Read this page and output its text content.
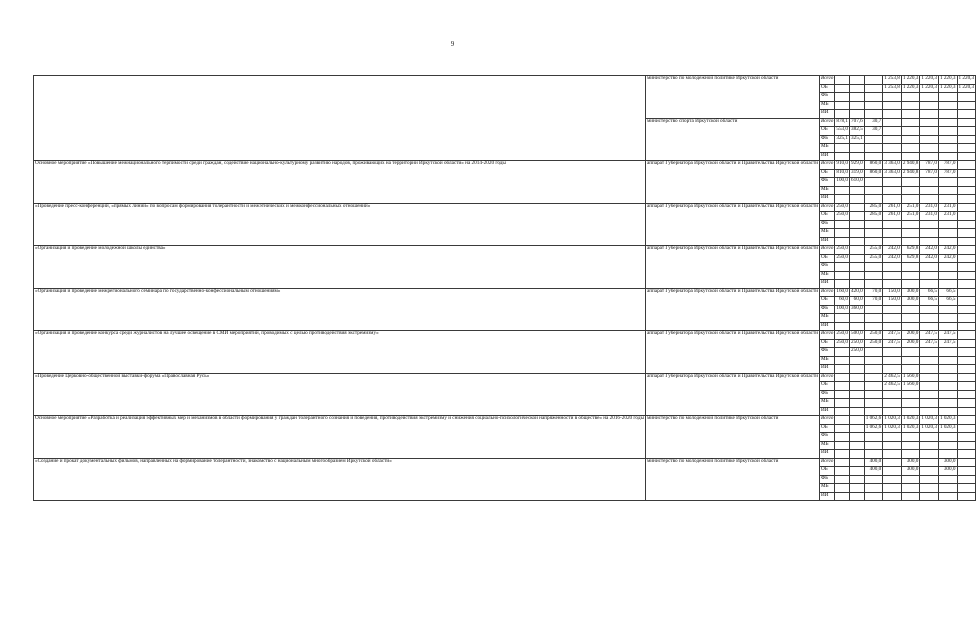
9
	министерство по молодежной политике Иркутской области	Всего				1 253,8	1 220,3	1 220,3	1 220,3	1 220,3
		ОБ				1 253,8	1 220,3	1 220,3	1 220,3	1 220,3
		ФБ								
		МБ								
		ИИ								
	министерство спорта Иркутской области	Всего	878,1	707,6	30,7					
		ОБ	553,0	382,5	30,7					
		ФБ	325,1	325,1						
		МБ								
		ИИ								
Основное мероприятие «Повышение межнационального терпимости среди граждан, содействие национально-культурному развитию народов, проживающих на территории Иркутской области» на 2014-2020 годы	аппарат Губернатора Иркутской области и Правительства Иркутской области	Всего	910,0	929,0	860,0	3 363,0	2 940,8	787,0	787,0	
		ОБ	810,0	319,0	860,0	3 363,0	2 940,8	787,0	787,0	
		ФБ	100,0	610,0						
		МБ								
		ИИ								
«Проведение пресс-конференций, «прямых линий» по вопросам формирования толерантности и межэтнических и межконфессиональных отношений»	аппарат Губернатора Иркутской области и Правительства Иркутской области	Всего	250,0		285,0	261,0	251,0	231,0	231,0	
		ОБ	250,0		285,0	261,0	251,0	231,0	231,0	
		ФБ								
		МБ								
		ИИ								
«Организация и проведение молодежной школы единства»	аппарат Губернатора Иркутской области и Правительства Иркутской области	Всего	250,0		255,0	242,0	629,8	242,0	242,0	
		ОБ	250,0		255,0	242,0	629,8	242,0	242,0	
		ФБ								
		МБ								
		ИИ								
«Организация и проведение межрегионального семинара по государственно-конфессиональным отношениям»	аппарат Губернатора Иркутской области и Правительства Иркутской области	Всего	160,0	420,0	70,0	150,0	300,0	66,5	66,5	
		ОБ	60,0	60,0	70,0	150,0	300,0	66,5	66,5	
		ФБ	100,0	360,0						
		МБ								
		ИИ								
«Организация и проведение конкурса среди журналистов на лучшее освещение в СМИ мероприятий, проводимых с целью противодействия экстремизму»	аппарат Губернатора Иркутской области и Правительства Иркутской области	Всего	250,0	500,0	250,0	247,5	200,0	247,5	247,5	
		ОБ	250,0	250,0	250,0	247,5	200,0	247,5	247,5	
		ФБ		250,0						
		МБ								
		ИИ								
«Проведение Церковно-общественной выставки-форума «Православная Русь»	аппарат Губернатора Иркутской области и Правительства Иркутской области	Всего				2 462,5	1 560,0			
		ОБ				2 462,5	1 560,0			
		ФБ								
		МБ								
		ИИ								
Основное мероприятие «Разработка и реализация эффективных мер и механизмов в области формирования у граждан толерантного сознания и поведения, противодействия экстремизму и снижения социально-психологической напряженности в обществе» на 2016-2020 годы	министерство по молодежной политике Иркутской области	Всего			1 062,6	1 020,3	1 020,3	1 020,3	1 020,3	
		ОБ			1 062,6	1 020,3	1 020,3	1 020,3	1 020,3	
		ФБ								
		МБ								
		ИИ								
«Создание и прокат документальных фильмов, направленных на формирование толерантности, знакомство с национальным многообразием Иркутской области»	министерство по молодежной политике Иркутской области	Всего			400,0		300,0		300,0	
		ОБ			400,0		300,0		300,0	
		ФБ								
		МБ								
		ИИ								
